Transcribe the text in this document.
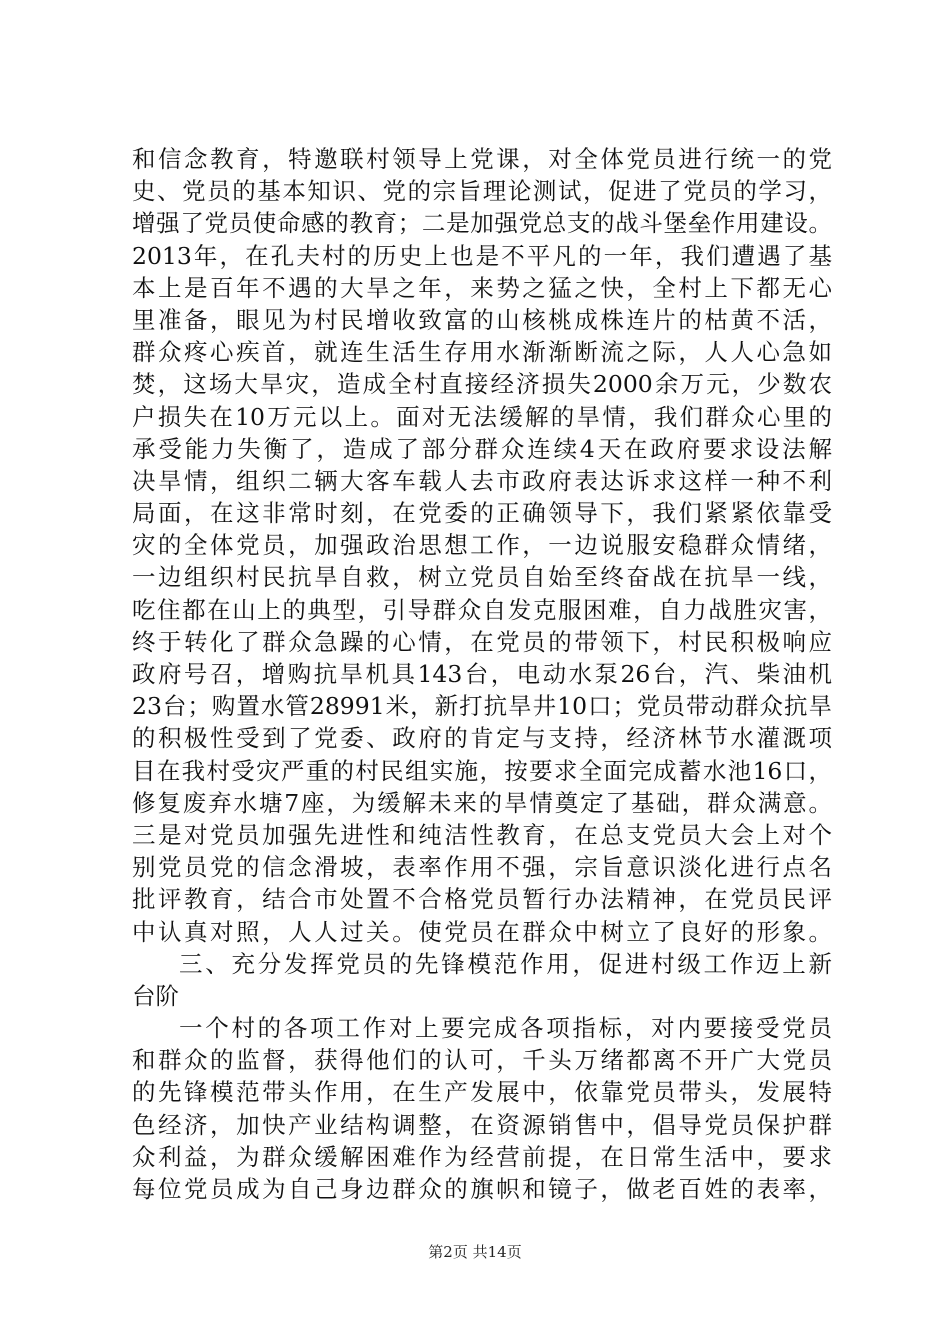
和信念教育，特邀联村领导上党课，对全体党员进行统一的党
史、党员的基本知识、党的宗旨理论测试，促进了党员的学习，
增强了党员使命感的教育；二是加强党总支的战斗堡垒作用建设。
2013年，在孔夫村的历史上也是不平凡的一年，我们遭遇了基
本上是百年不遇的大旱之年，来势之猛之快，全村上下都无心
里准备，眼见为村民增收致富的山核桃成株连片的枯黄不活，
群众疼心疾首，就连生活生存用水渐渐断流之际，人人心急如
焚，这场大旱灾，造成全村直接经济损失2000余万元，少数农
户损失在10万元以上。面对无法缓解的旱情，我们群众心里的
承受能力失衡了，造成了部分群众连续4天在政府要求设法解
决旱情，组织二辆大客车载人去市政府表达诉求这样一种不利
局面，在这非常时刻，在党委的正确领导下，我们紧紧依靠受
灾的全体党员，加强政治思想工作，一边说服安稳群众情绪，
一边组织村民抗旱自救，树立党员自始至终奋战在抗旱一线，
吃住都在山上的典型，引导群众自发克服困难，自力战胜灾害，
终于转化了群众急躁的心情，在党员的带领下，村民积极响应
政府号召，增购抗旱机具143台，电动水泵26台，汽、柴油机
23台；购置水管28991米，新打抗旱井10口；党员带动群众抗旱
的积极性受到了党委、政府的肯定与支持，经济林节水灌溉项
目在我村受灾严重的村民组实施，按要求全面完成蓄水池16口，
修复废弃水塘7座，为缓解未来的旱情奠定了基础，群众满意。
三是对党员加强先进性和纯洁性教育，在总支党员大会上对个
别党员党的信念滑坡，表率作用不强，宗旨意识淡化进行点名
批评教育，结合市处置不合格党员暂行办法精神，在党员民评
中认真对照，人人过关。使党员在群众中树立了良好的形象。
三、充分发挥党员的先锋模范作用，促进村级工作迈上新
台阶
一个村的各项工作对上要完成各项指标，对内要接受党员
和群众的监督，获得他们的认可，千头万绪都离不开广大党员
的先锋模范带头作用，在生产发展中，依靠党员带头，发展特
色经济，加快产业结构调整，在资源销售中，倡导党员保护群
众利益，为群众缓解困难作为经营前提，在日常生活中，要求
每位党员成为自己身边群众的旗帜和镜子，做老百姓的表率，
第2页 共14页
